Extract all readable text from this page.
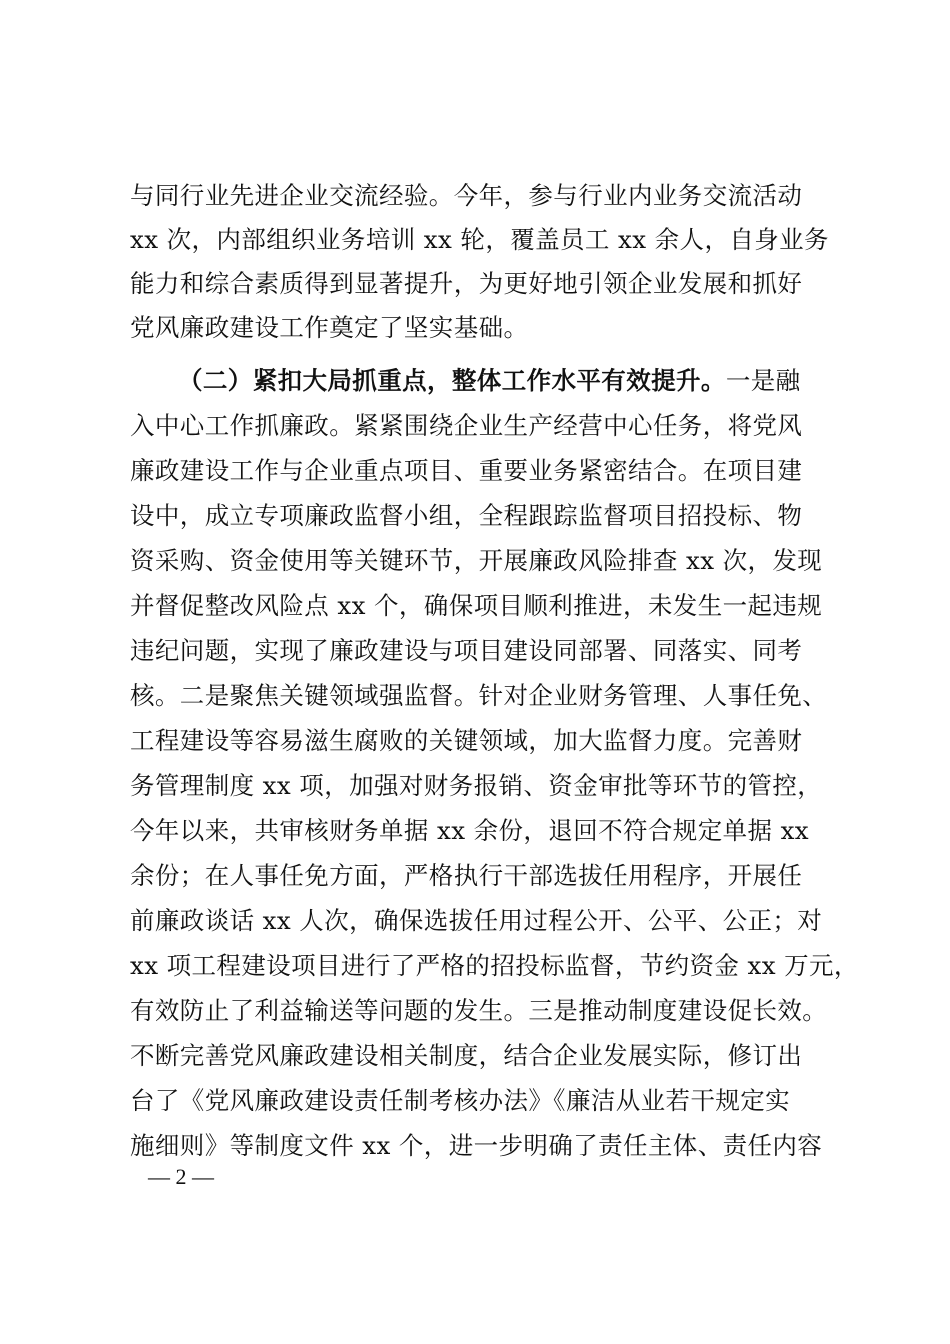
与同行业先进企业交流经验。今年，参与行业内业务交流活动
xx 次，内部组织业务培训 xx 轮，覆盖员工 xx 余人，自身业务
能力和综合素质得到显著提升，为更好地引领企业发展和抓好
党风廉政建设工作奠定了坚实基础。
（二）紧扣大局抓重点，整体工作水平有效提升。一是融
入中心工作抓廉政。紧紧围绕企业生产经营中心任务，将党风
廉政建设工作与企业重点项目、重要业务紧密结合。在项目建
设中，成立专项廉政监督小组，全程跟踪监督项目招投标、物
资采购、资金使用等关键环节，开展廉政风险排查 xx 次，发现
并督促整改风险点 xx 个，确保项目顺利推进，未发生一起违规
违纪问题，实现了廉政建设与项目建设同部署、同落实、同考
核。二是聚焦关键领域强监督。针对企业财务管理、人事任免、
工程建设等容易滋生腐败的关键领域，加大监督力度。完善财
务管理制度 xx 项，加强对财务报销、资金审批等环节的管控，
今年以来，共审核财务单据 xx 余份，退回不符合规定单据 xx
余份；在人事任免方面，严格执行干部选拔任用程序，开展任
前廉政谈话 xx 人次，确保选拔任用过程公开、公平、公正；对
xx 项工程建设项目进行了严格的招投标监督，节约资金 xx 万元，
有效防止了利益输送等问题的发生。三是推动制度建设促长效。
不断完善党风廉政建设相关制度，结合企业发展实际，修订出
台了《党风廉政建设责任制考核办法》《廉洁从业若干规定实
施细则》等制度文件 xx 个，进一步明确了责任主体、责任内容
— 2 —
